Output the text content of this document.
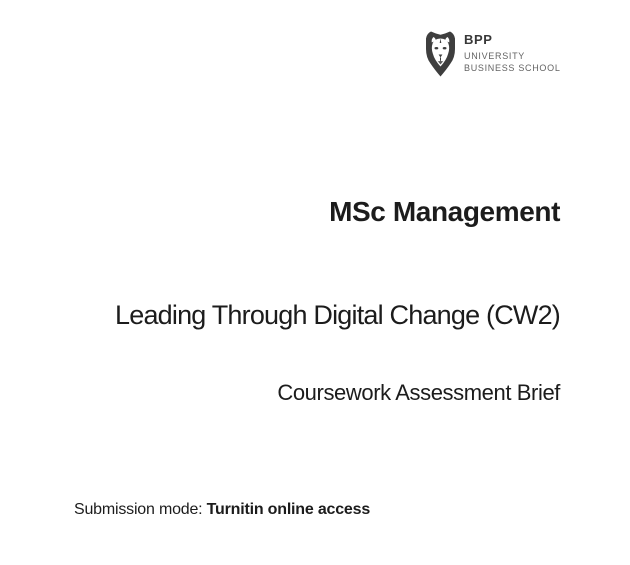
BPP
UNIVERSITY
BUSINESS SCHOOL
MSc Management
Leading Through Digital Change (CW2)
Coursework Assessment Brief
Submission mode: Turnitin online access
